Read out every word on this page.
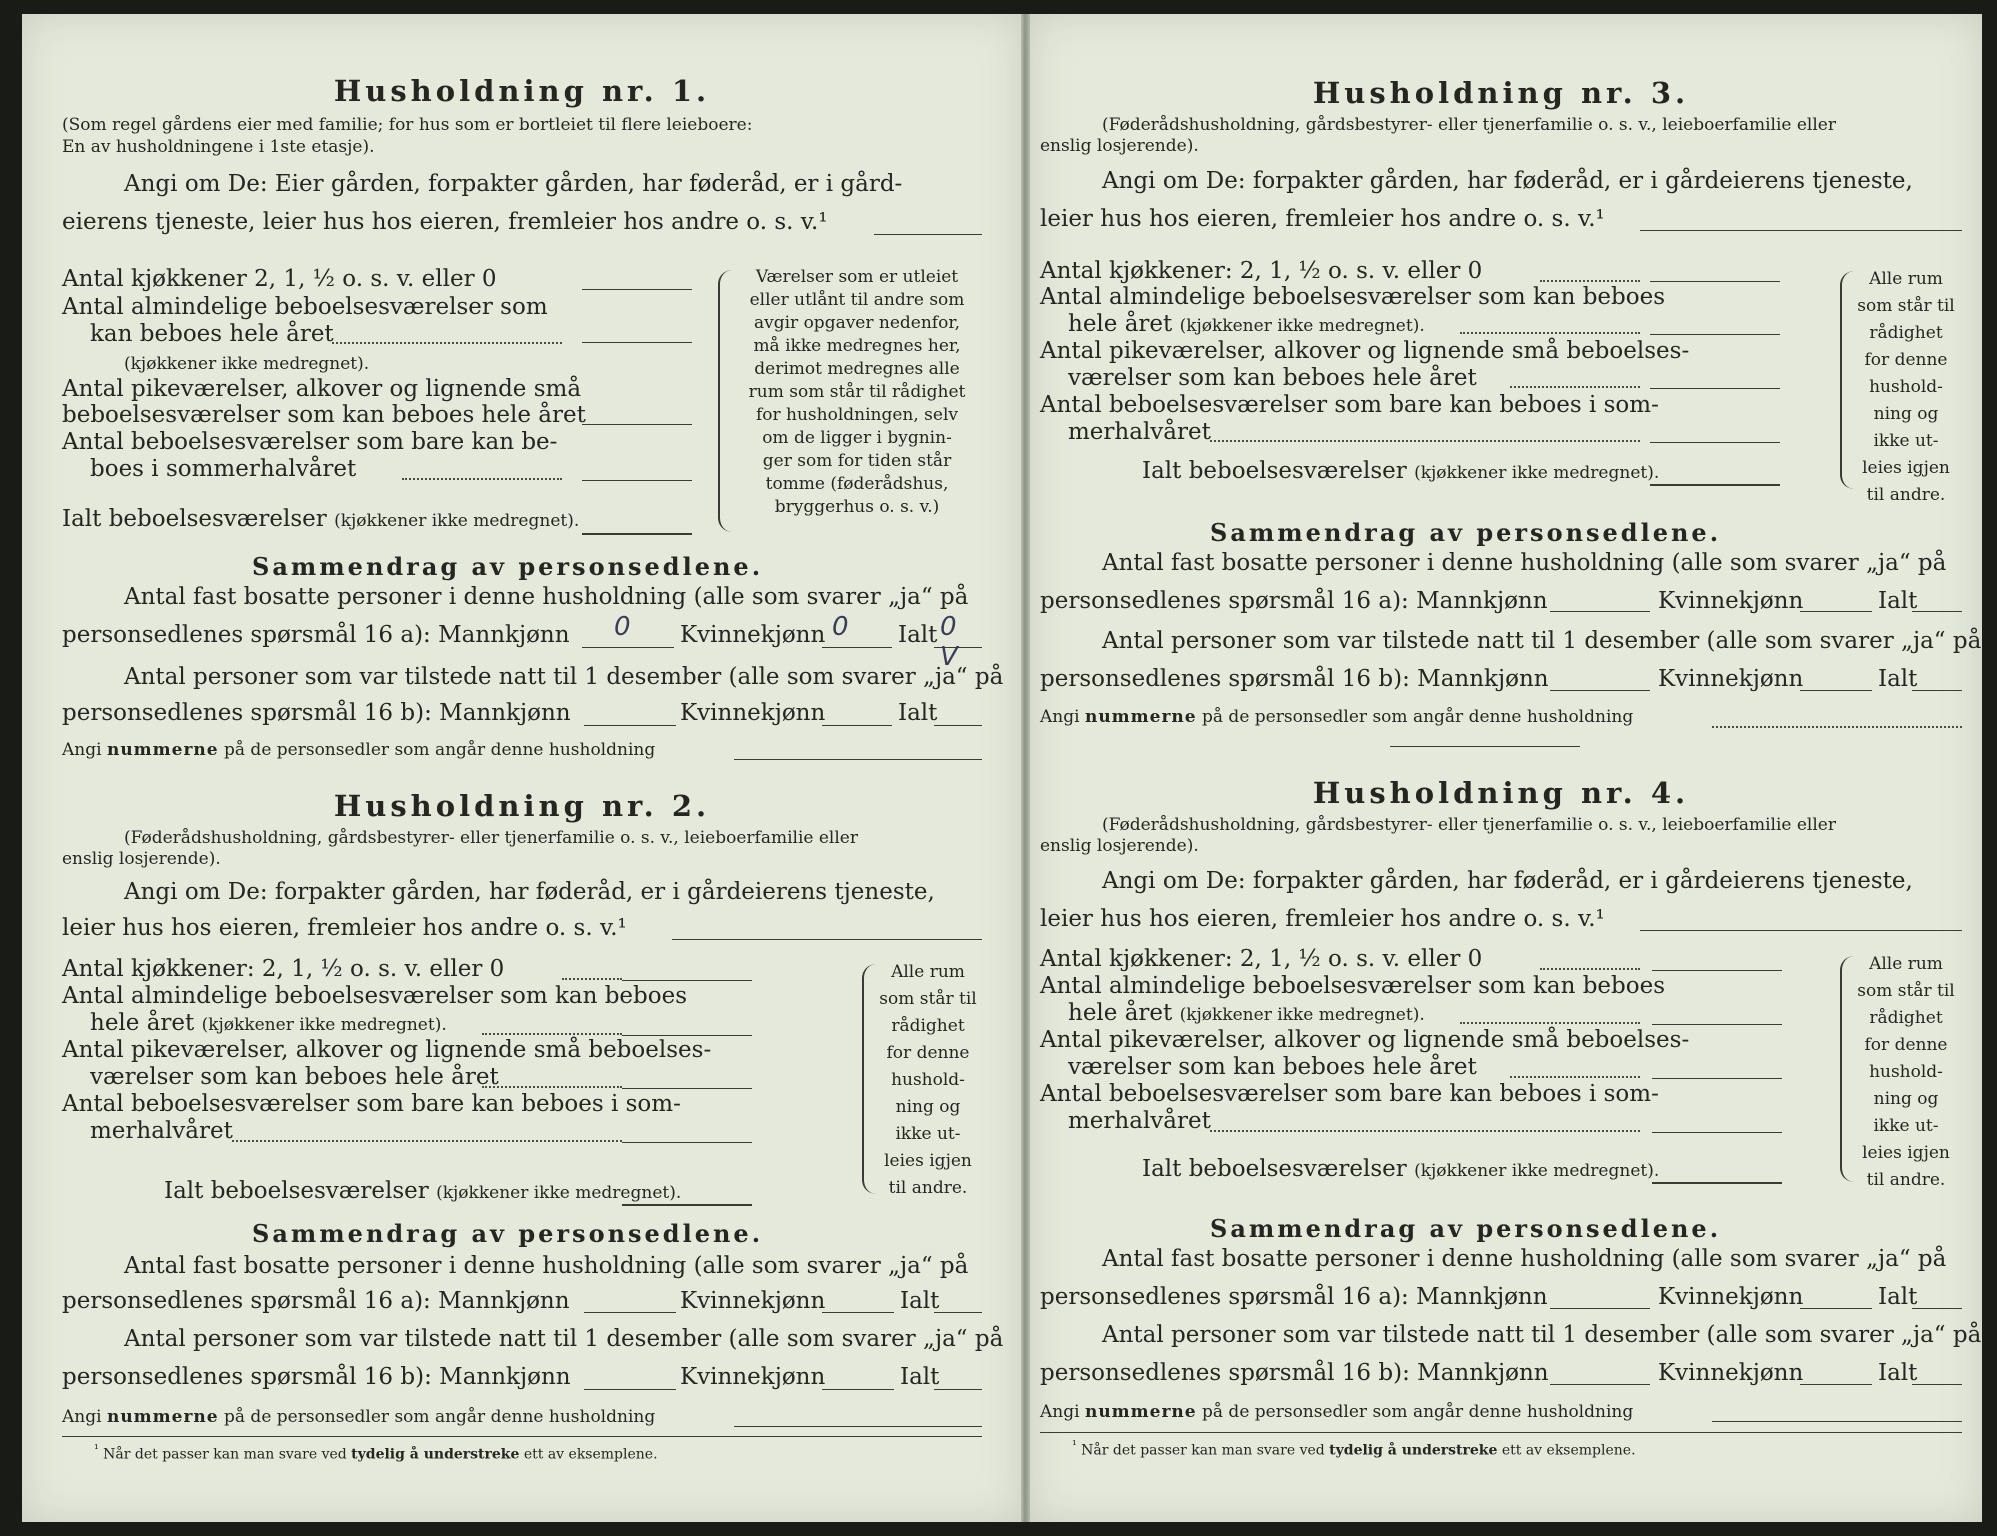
Husholdning nr. 1.

(Som regel gårdens eier med familie; for hus som er bortleiet til flere leieboere:

En av husholdningene i 1ste etasje).

Angi om De: Eier gården, forpakter gården, har føderåd, er i gård-

eierens tjeneste, leier hus hos eieren, fremleier hos andre o. s. v.¹

Antal kjøkkener 2, 1, ½ o. s. v. eller 0

Antal almindelige beboelsesværelser som

kan beboes hele året

(kjøkkener ikke medregnet).

Antal pikeværelser, alkover og lignende små

beboelsesværelser som kan beboes hele året

Antal beboelsesværelser som bare kan be-

boes i sommerhalvåret

Ialt beboelsesværelser (kjøkkener ikke medregnet).

Værelser som er utleiet
eller utlånt til andre som
avgir opgaver nedenfor,
må ikke medregnes her,
derimot medregnes alle
rum som står til rådighet
for husholdningen, selv
om de ligger i bygnin-
ger som for tiden står
tomme (føderådshus,
bryggerhus o. s. v.)

Sammendrag av personsedlene.

Antal fast bosatte personer i denne husholdning (alle som svarer „ja“ på

personsedlenes spørsmål 16 a): Mannkjønn 0 Kvinnekjønn 0 Ialt 0 V

Antal personer som var tilstede natt til 1 desember (alle som svarer „ja“ på

personsedlenes spørsmål 16 b): Mannkjønn	Kvinnekjønn	Ialt

Angi nummerne på de personsedler som angår denne husholdning

Husholdning nr. 2.

(Føderådshusholdning, gårdsbestyrer- eller tjenerfamilie o. s. v., leieboerfamilie eller

enslig losjerende).

Angi om De: forpakter gården, har føderåd, er i gårdeierens tjeneste,

leier hus hos eieren, fremleier hos andre o. s. v.¹

Antal kjøkkener: 2, 1, ½ o. s. v. eller 0

Antal almindelige beboelsesværelser som kan beboes

hele året (kjøkkener ikke medregnet).

Antal pikeværelser, alkover og lignende små beboelses-

værelser som kan beboes hele året

Antal beboelsesværelser som bare kan beboes i som-

merhalvåret

Ialt beboelsesværelser (kjøkkener ikke medregnet).

Alle rum
som står til
rådighet
for denne
hushold-
ning og
ikke ut-
leies igjen
til andre.

Sammendrag av personsedlene.

Antal fast bosatte personer i denne husholdning (alle som svarer „ja“ på

personsedlenes spørsmål 16 a): Mannkjønn	Kvinnekjønn	Ialt

Antal personer som var tilstede natt til 1 desember (alle som svarer „ja“ på

personsedlenes spørsmål 16 b): Mannkjønn	Kvinnekjønn	Ialt

Angi nummerne på de personsedler som angår denne husholdning

$^{^1}$ Når det passer kan man svare ved tydelig å understreke ett av eksemplene.

Husholdning nr. 3.

(Føderådshusholdning, gårdsbestyrer- eller tjenerfamilie o. s. v., leieboerfamilie eller

enslig losjerende).

Angi om De: forpakter gården, har føderåd, er i gårdeierens tjeneste,

leier hus hos eieren, fremleier hos andre o. s. v.¹

Antal kjøkkener: 2, 1, ½ o. s. v. eller 0

Antal almindelige beboelsesværelser som kan beboes

hele året (kjøkkener ikke medregnet).

Antal pikeværelser, alkover og lignende små beboelses-

værelser som kan beboes hele året

Antal beboelsesværelser som bare kan beboes i som-

merhalvåret

Ialt beboelsesværelser (kjøkkener ikke medregnet).

Alle rum
som står til
rådighet
for denne
hushold-
ning og
ikke ut-
leies igjen
til andre.

Sammendrag av personsedlene.

Antal fast bosatte personer i denne husholdning (alle som svarer „ja“ på

personsedlenes spørsmål 16 a): Mannkjønn	Kvinnekjønn	Ialt

Antal personer som var tilstede natt til 1 desember (alle som svarer „ja“ på

personsedlenes spørsmål 16 b): Mannkjønn	Kvinnekjønn	Ialt

Angi nummerne på de personsedler som angår denne husholdning

Husholdning nr. 4.

(Føderådshusholdning, gårdsbestyrer- eller tjenerfamilie o. s. v., leieboerfamilie eller

enslig losjerende).

Angi om De: forpakter gården, har føderåd, er i gårdeierens tjeneste,

leier hus hos eieren, fremleier hos andre o. s. v.¹

Antal kjøkkener: 2, 1, ½ o. s. v. eller 0

Antal almindelige beboelsesværelser som kan beboes

hele året (kjøkkener ikke medregnet).

Antal pikeværelser, alkover og lignende små beboelses-

værelser som kan beboes hele året

Antal beboelsesværelser som bare kan beboes i som-

merhalvåret

Ialt beboelsesværelser (kjøkkener ikke medregnet).

Alle rum
som står til
rådighet
for denne
hushold-
ning og
ikke ut-
leies igjen
til andre.

Sammendrag av personsedlene.

Antal fast bosatte personer i denne husholdning (alle som svarer „ja“ på

personsedlenes spørsmål 16 a): Mannkjønn	Kvinnekjønn	Ialt

Antal personer som var tilstede natt til 1 desember (alle som svarer „ja“ på

personsedlenes spørsmål 16 b): Mannkjønn	Kvinnekjønn	Ialt

Angi nummerne på de personsedler som angår denne husholdning

$^{^1}$ Når det passer kan man svare ved tydelig å understreke ett av eksemplene.
